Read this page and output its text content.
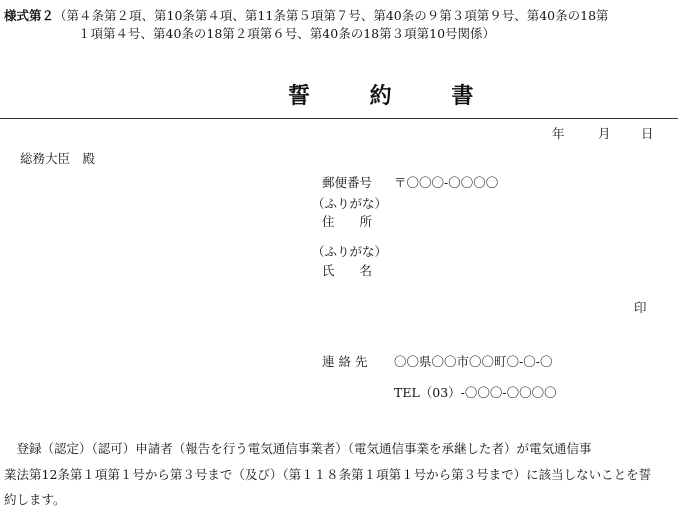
様式第２（第４条第２項、第10条第４項、第11条第５項第７号、第40条の９第３項第９号、第40条の18第
１項第４号、第40条の18第２項第６号、第40条の18第３項第10号関係）
誓 約 書
年	月 日
総務大臣　殿
郵便番号 〒〇〇〇-〇〇〇〇
（ふりがな）
住　　所
（ふりがな）
氏　　名
印
連 絡 先 〇〇県〇〇市〇〇町〇-〇-〇
TEL（03）-〇〇〇-〇〇〇〇
　登録（認定）（認可）申請者（報告を行う電気通信事業者）（電気通信事業を承継した者）が電気通信事
業法第12条第１項第１号から第３号まで（及び）（第１１８条第１項第１号から第３号まで）に該当しないことを誓
約します。
